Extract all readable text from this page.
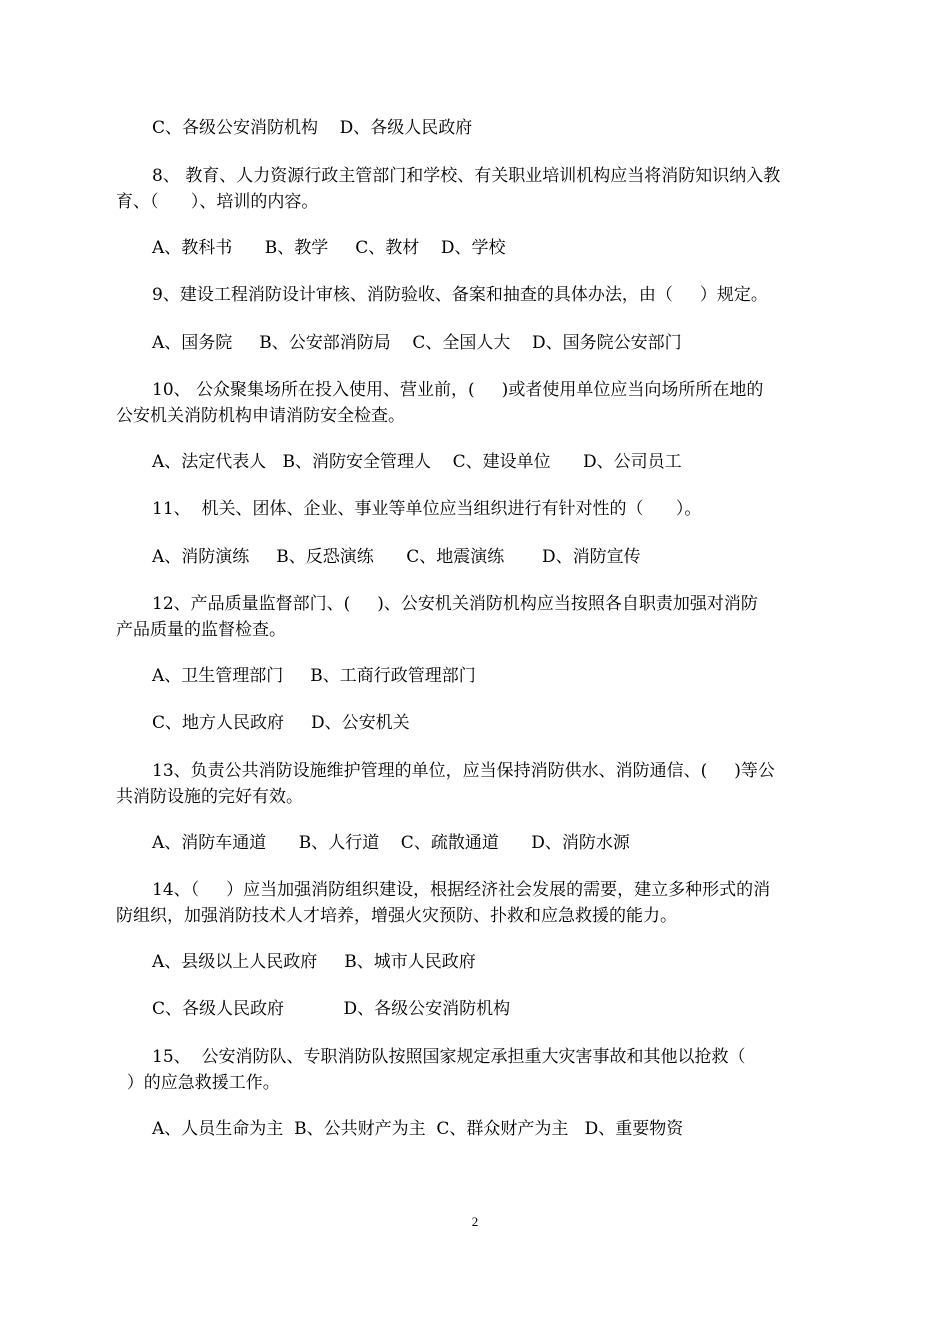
C、各级公安消防机构    D、各级人民政府
8、 教育、人力资源行政主管部门和学校、有关职业培训机构应当将消防知识纳入教
育、（      ）、培训的内容。
A、教科书      B、教学     C、教材    D、学校
9、建设工程消防设计审核、消防验收、备案和抽查的具体办法，由（     ）规定。
A、国务院     B、公安部消防局    C、全国人大    D、国务院公安部门
10、 公众聚集场所在投入使用、营业前，(     )或者使用单位应当向场所所在地的
公安机关消防机构申请消防安全检查。
A、法定代表人   B、消防安全管理人    C、建设单位      D、公司员工
11、  机关、团体、企业、事业等单位应当组织进行有针对性的（      ）。
A、消防演练     B、反恐演练      C、地震演练       D、消防宣传
12、产品质量监督部门、(     )、公安机关消防机构应当按照各自职责加强对消防
产品质量的监督检查。
A、卫生管理部门     B、工商行政管理部门
C、地方人民政府     D、公安机关
13、负责公共消防设施维护管理的单位，应当保持消防供水、消防通信、(     )等公
共消防设施的完好有效。
A、消防车通道      B、人行道    C、疏散通道      D、消防水源
14、（     ）应当加强消防组织建设，根据经济社会发展的需要，建立多种形式的消
防组织，加强消防技术人才培养，增强火灾预防、扑救和应急救援的能力。
A、县级以上人民政府     B、城市人民政府
C、各级人民政府           D、各级公安消防机构
15、  公安消防队、专职消防队按照国家规定承担重大灾害事故和其他以抢救（
）的应急救援工作。
A、人员生命为主  B、公共财产为主  C、群众财产为主   D、重要物资
2
